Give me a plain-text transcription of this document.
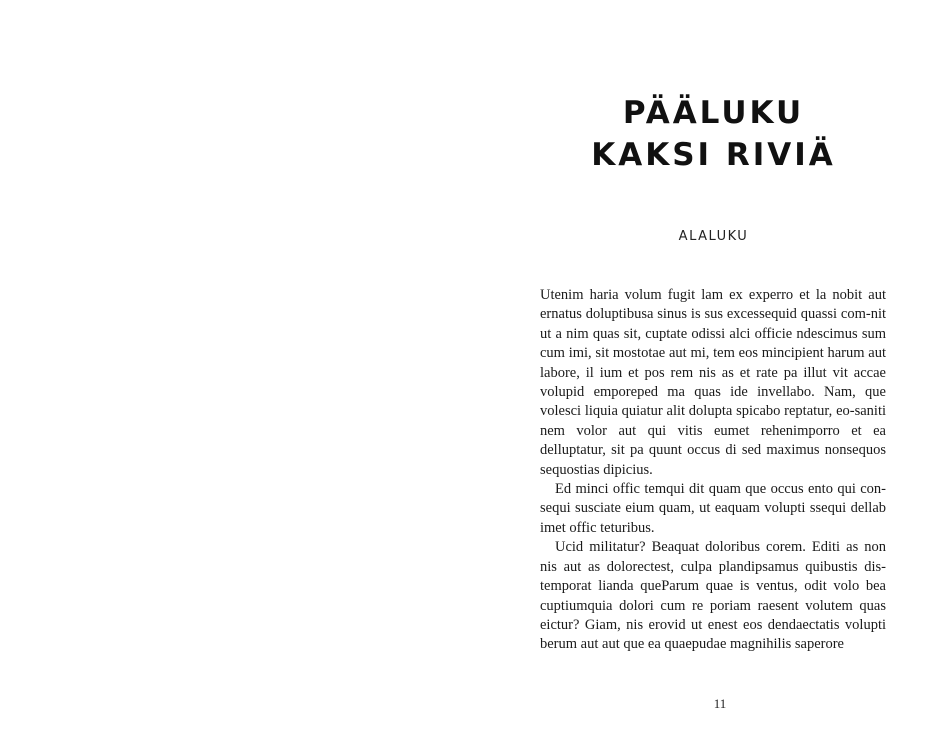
PÄÄLUKU
KAKSI RIVIÄ
ALALUKU

Utenim haria volum fugit lam ex experro et la nobit aut ernatus doluptibusa sinus is sus excessequid quassi com-nit ut a nim quas sit, cuptate odissi alci officie ndescimus sum cum imi, sit mostotae aut mi, tem eos mincipient harum aut labore, il ium et pos rem nis as et rate pa illut vit accae volupid emporeped ma quas ide invellabo. Nam, que volesci liquia quiatur alit dolupta spicabo reptatur, eo-saniti nem volor aut qui vitis eumet rehenimporro et ea delluptatur, sit pa quunt occus di sed maximus nonsequos sequostias dipicius.

Ed minci offic temqui dit quam que occus ento qui con-sequi susciate eium quam, ut eaquam volupti ssequi dellab imet offic teturibus.

Ucid militatur? Beaquat doloribus corem. Editi as non nis aut as dolorectest, culpa plandipsamus quibustis dis-temporat lianda queParum quae is ventus, odit volo bea cuptiumquia dolori cum re poriam raesent volutem quas eictur? Giam, nis erovid ut enest eos dendaectatis volupti berum aut aut que ea quaepudae magnihilis saperore

11
